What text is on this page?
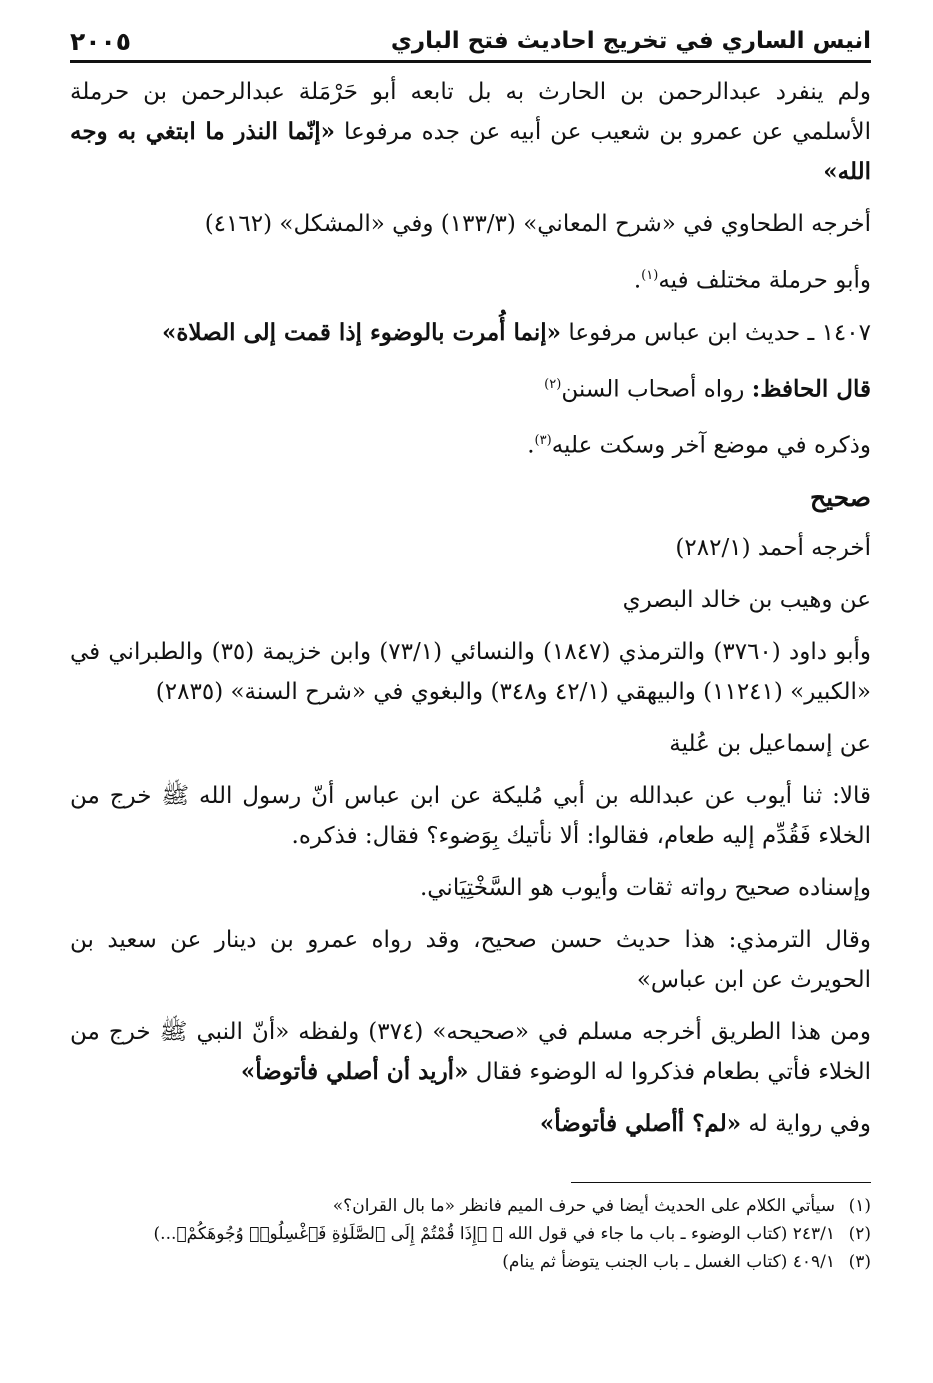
انيس الساري في تخريج احاديث فتح الباري
٢٠٠٥

ولم ينفرد عبدالرحمن بن الحارث به بل تابعه أبو حَرْمَلة عبدالرحمن بن حرملة الأسلمي عن عمرو بن شعيب عن أبيه عن جده مرفوعا «إنّما النذر ما ابتغي به وجه الله»

أخرجه الطحاوي في «شرح المعاني» (١٣٣/٣) وفي «المشكل» (٤١٦٢)

وأبو حرملة مختلف فيه$^{(١)}$.

١٤٠٧ ـ حديث ابن عباس مرفوعا «إنما أُمرت بالوضوء إذا قمت إلى الصلاة»

قال الحافظ: رواه أصحاب السنن$^{(٢)}$

وذكره في موضع آخر وسكت عليه$^{(٣)}$.

صحيح

أخرجه أحمد (٢٨٢/١)

عن وهيب بن خالد البصري

وأبو داود (٣٧٦٠) والترمذي (١٨٤٧) والنسائي (٧٣/١) وابن خزيمة (٣٥) والطبراني في «الكبير» (١١٢٤١) والبيهقي (٤٢/١ و٣٤٨) والبغوي في «شرح السنة» (٢٨٣٥)

عن إسماعيل بن عُلية

قالا: ثنا أيوب عن عبدالله بن أبي مُليكة عن ابن عباس أنّ رسول الله ﷺ خرج من الخلاء فَقُدِّم إليه طعام، فقالوا: ألا نأتيك بِوَضوء؟ فقال: فذكره.

وإسناده صحيح رواته ثقات وأيوب هو السَّخْتِيَاني.

وقال الترمذي: هذا حديث حسن صحيح، وقد رواه عمرو بن دينار عن سعيد بن الحويرث عن ابن عباس»

ومن هذا الطريق أخرجه مسلم في «صحيحه» (٣٧٤) ولفظه «أنّ النبي ﷺ خرج من الخلاء فأتي بطعام فذكروا له الوضوء فقال «أريد أن أصلي فأتوضأ»

وفي رواية له «لم؟ أأصلي فأتوضأ»

(١)سيأتي الكلام على الحديث أيضا في حرف الميم فانظر «ما بال القران؟»

(٢)٢٤٣/١ (كتاب الوضوء ـ باب ما جاء في قول الله ﷻ ﴿إِذَا قُمْتُمْ إِلَى ٱلصَّلَوٰةِ فَٱغْسِلُوا۟ وُجُوهَكُمْ﴾...)

(٣)٤٠٩/١ (كتاب الغسل ـ باب الجنب يتوضأ ثم ينام)
